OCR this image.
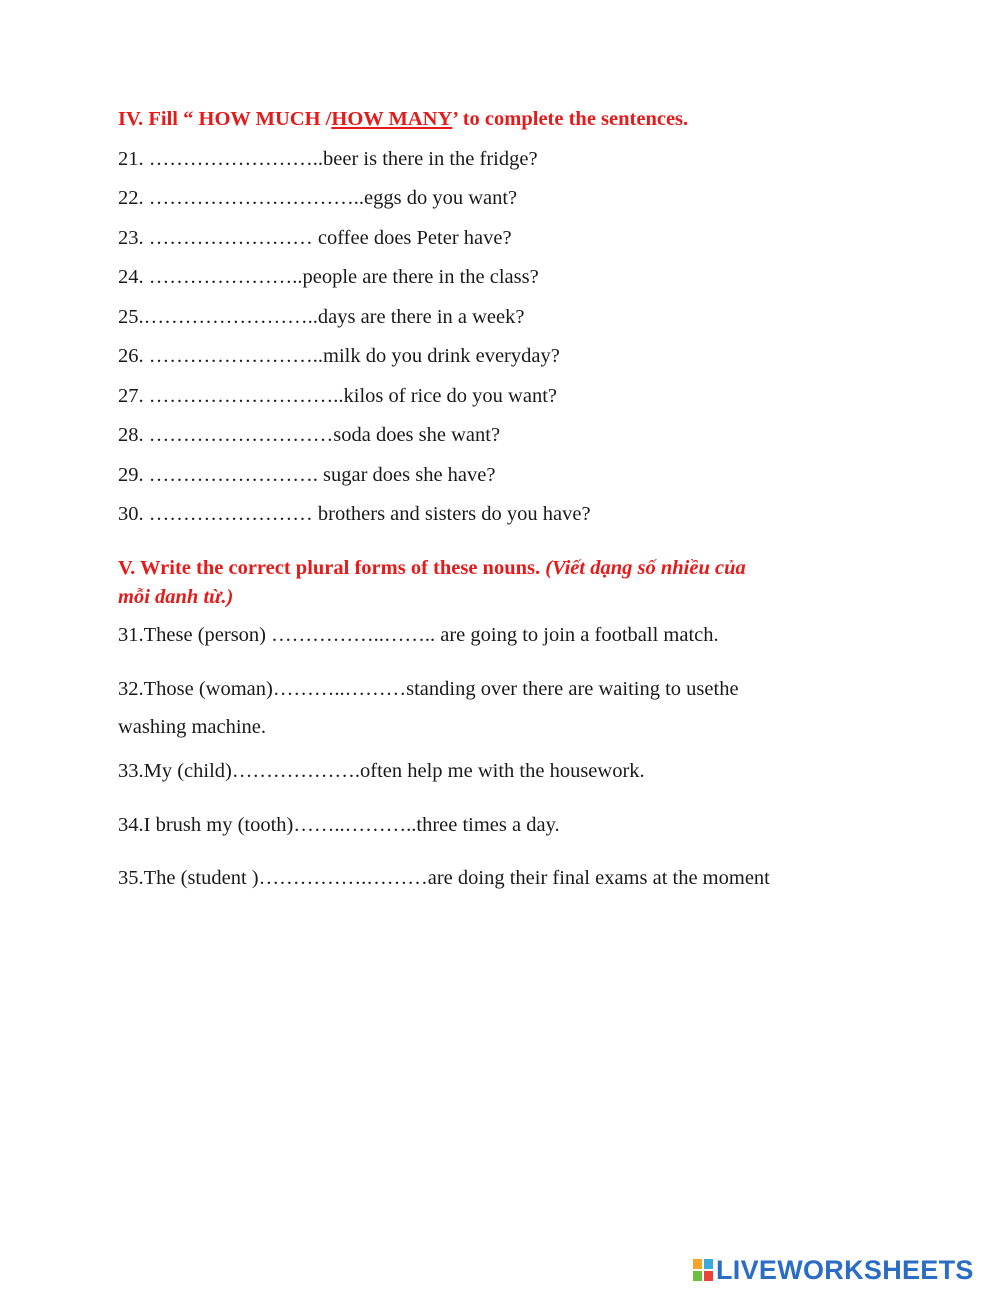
IV. Fill “ HOW MUCH /HOW MANY’ to complete the sentences.

21. ……………………..beer is there in the fridge?

22. …………………………..eggs do you want?

23. …………………… coffee does Peter have?

24. …………………..people are there in the class?

25.……………………..days are there in a week?

26. ……………………..milk do you drink everyday?

27. ………………………..kilos of rice do you want?

28. ………………………soda does she want?

29. ……………………. sugar does she have?

30. …………………… brothers and sisters do you have?

V. Write the correct plural forms of these nouns. (Viết dạng số nhiều của

mỗi danh từ.)

31.These (person) ……………..…….. are going to join a football match.

32.Those (woman)………..………standing over there are waiting to usethe

washing machine.

33.My (child)……………….often help me with the housework.

34.I brush my (tooth)……..………..three times a day.

35.The (student )…………….………are doing their final exams at the moment

LIVEWORKSHEETS
